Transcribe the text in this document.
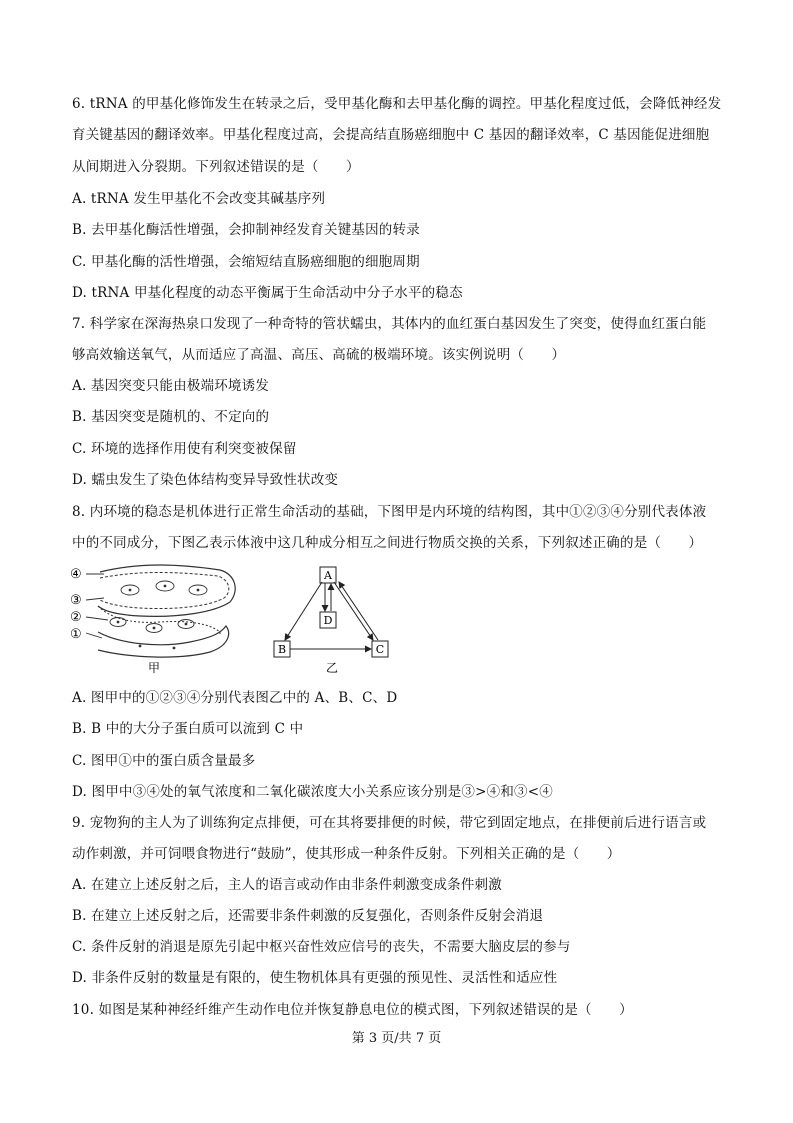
6. tRNA 的甲基化修饰发生在转录之后，受甲基化酶和去甲基化酶的调控。甲基化程度过低，会降低神经发
育关键基因的翻译效率。甲基化程度过高，会提高结直肠癌细胞中 C 基因的翻译效率，C 基因能促进细胞
从间期进入分裂期。下列叙述错误的是（　　）
A. tRNA 发生甲基化不会改变其碱基序列
B. 去甲基化酶活性增强，会抑制神经发育关键基因的转录
C. 甲基化酶的活性增强，会缩短结直肠癌细胞的细胞周期
D. tRNA 甲基化程度的动态平衡属于生命活动中分子水平的稳态
7. 科学家在深海热泉口发现了一种奇特的管状蠕虫，其体内的血红蛋白基因发生了突变，使得血红蛋白能
够高效输送氧气，从而适应了高温、高压、高硫的极端环境。该实例说明（　　）
A. 基因突变只能由极端环境诱发
B. 基因突变是随机的、不定向的
C. 环境的选择作用使有利突变被保留
D. 蠕虫发生了染色体结构变异导致性状改变
8. 内环境的稳态是机体进行正常生命活动的基础，下图甲是内环境的结构图，其中①②③④分别代表体液
中的不同成分，下图乙表示体液中这几种成分相互之间进行物质交换的关系，下列叙述正确的是（　　）
④
③
②
①
甲
A
D
B	C
乙
A. 图甲中的①②③④分别代表图乙中的 A、B、C、D
B. B 中的大分子蛋白质可以流到 C 中
C. 图甲①中的蛋白质含量最多
D. 图甲中③④处的氧气浓度和二氧化碳浓度大小关系应该分别是③>④和③<④
9. 宠物狗的主人为了训练狗定点排便，可在其将要排便的时候，带它到固定地点，在排便前后进行语言或
动作刺激，并可饲喂食物进行“鼓励”，使其形成一种条件反射。下列相关正确的是（　　）
A. 在建立上述反射之后，主人的语言或动作由非条件刺激变成条件刺激
B. 在建立上述反射之后，还需要非条件刺激的反复强化，否则条件反射会消退
C. 条件反射的消退是原先引起中枢兴奋性效应信号的丧失，不需要大脑皮层的参与
D. 非条件反射的数量是有限的，使生物机体具有更强的预见性、灵活性和适应性
10. 如图是某种神经纤维产生动作电位并恢复静息电位的模式图，下列叙述错误的是（　　）
第 3 页/共 7 页
